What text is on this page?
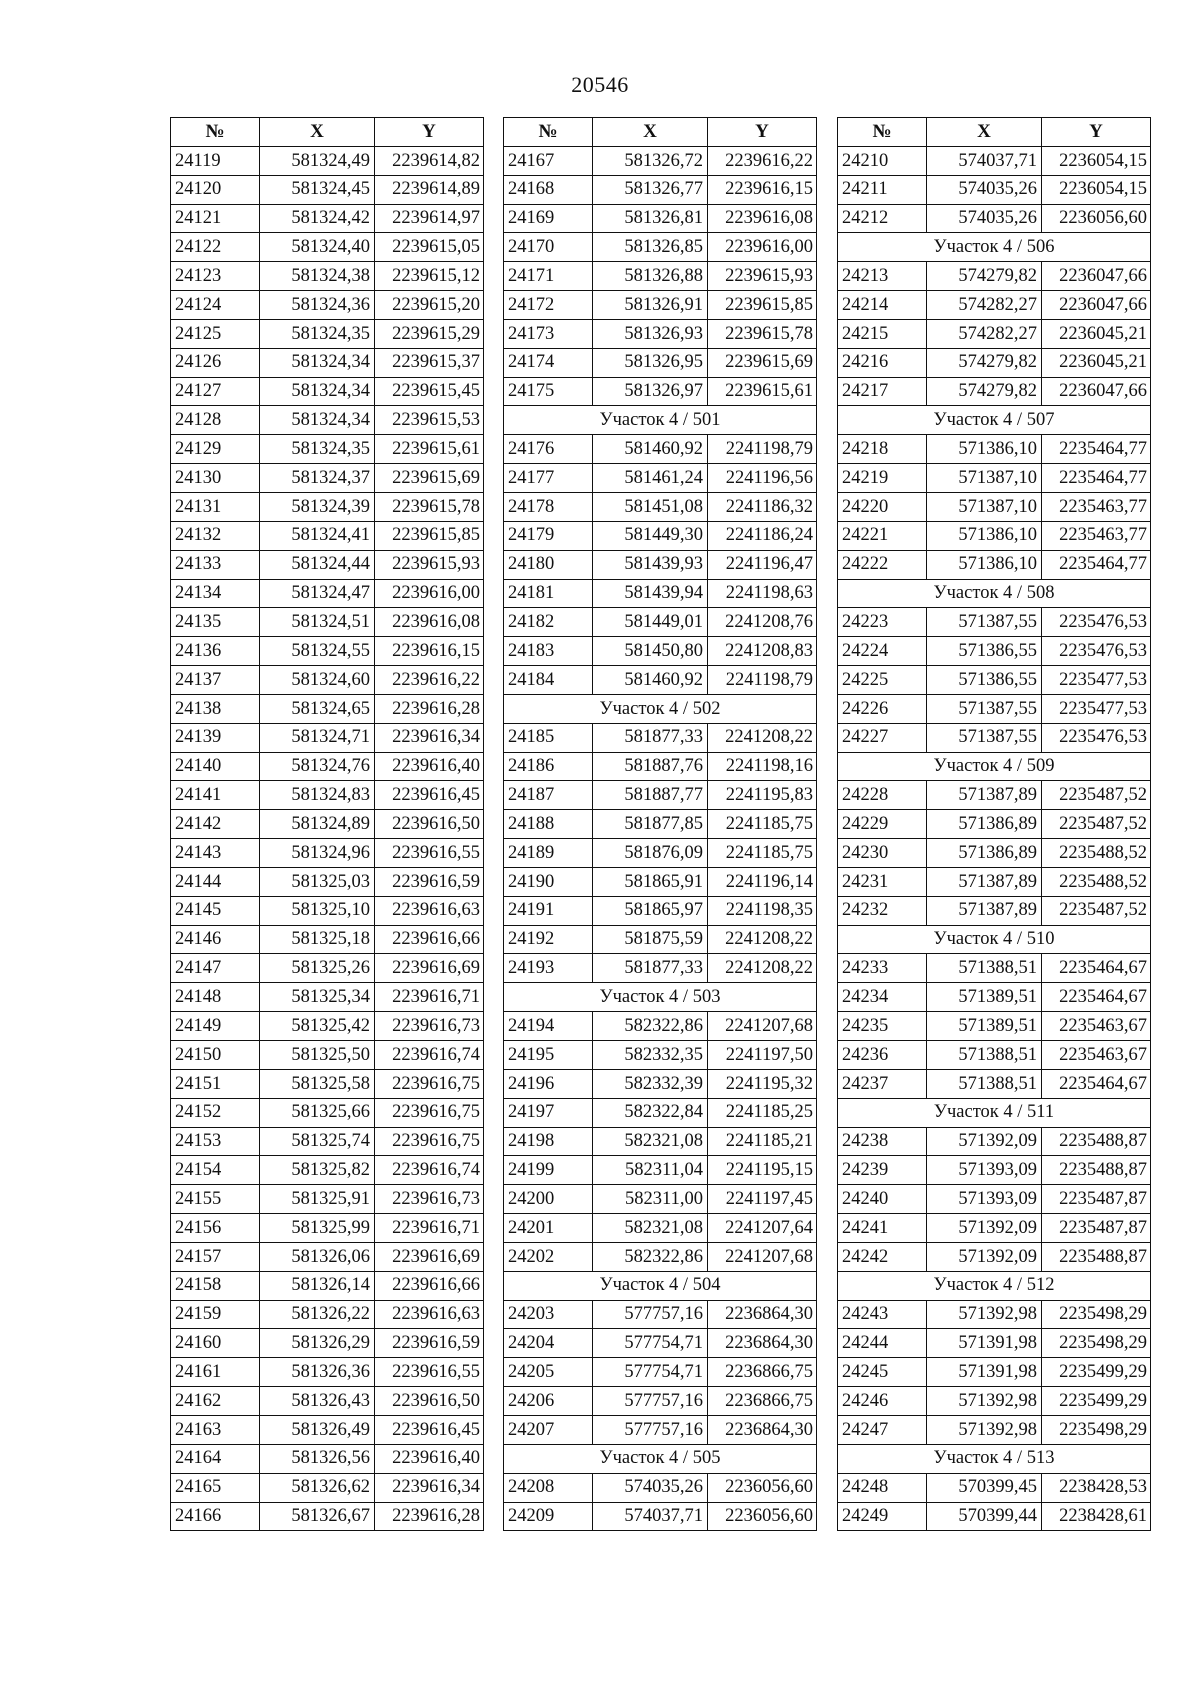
20546
№	X	Y
24119	581324,49	2239614,82
24120	581324,45	2239614,89
24121	581324,42	2239614,97
24122	581324,40	2239615,05
24123	581324,38	2239615,12
24124	581324,36	2239615,20
24125	581324,35	2239615,29
24126	581324,34	2239615,37
24127	581324,34	2239615,45
24128	581324,34	2239615,53
24129	581324,35	2239615,61
24130	581324,37	2239615,69
24131	581324,39	2239615,78
24132	581324,41	2239615,85
24133	581324,44	2239615,93
24134	581324,47	2239616,00
24135	581324,51	2239616,08
24136	581324,55	2239616,15
24137	581324,60	2239616,22
24138	581324,65	2239616,28
24139	581324,71	2239616,34
24140	581324,76	2239616,40
24141	581324,83	2239616,45
24142	581324,89	2239616,50
24143	581324,96	2239616,55
24144	581325,03	2239616,59
24145	581325,10	2239616,63
24146	581325,18	2239616,66
24147	581325,26	2239616,69
24148	581325,34	2239616,71
24149	581325,42	2239616,73
24150	581325,50	2239616,74
24151	581325,58	2239616,75
24152	581325,66	2239616,75
24153	581325,74	2239616,75
24154	581325,82	2239616,74
24155	581325,91	2239616,73
24156	581325,99	2239616,71
24157	581326,06	2239616,69
24158	581326,14	2239616,66
24159	581326,22	2239616,63
24160	581326,29	2239616,59
24161	581326,36	2239616,55
24162	581326,43	2239616,50
24163	581326,49	2239616,45
24164	581326,56	2239616,40
24165	581326,62	2239616,34
24166	581326,67	2239616,28
№	X	Y
24167	581326,72	2239616,22
24168	581326,77	2239616,15
24169	581326,81	2239616,08
24170	581326,85	2239616,00
24171	581326,88	2239615,93
24172	581326,91	2239615,85
24173	581326,93	2239615,78
24174	581326,95	2239615,69
24175	581326,97	2239615,61
Участок 4 / 501		
24176	581460,92	2241198,79
24177	581461,24	2241196,56
24178	581451,08	2241186,32
24179	581449,30	2241186,24
24180	581439,93	2241196,47
24181	581439,94	2241198,63
24182	581449,01	2241208,76
24183	581450,80	2241208,83
24184	581460,92	2241198,79
Участок 4 / 502		
24185	581877,33	2241208,22
24186	581887,76	2241198,16
24187	581887,77	2241195,83
24188	581877,85	2241185,75
24189	581876,09	2241185,75
24190	581865,91	2241196,14
24191	581865,97	2241198,35
24192	581875,59	2241208,22
24193	581877,33	2241208,22
Участок 4 / 503		
24194	582322,86	2241207,68
24195	582332,35	2241197,50
24196	582332,39	2241195,32
24197	582322,84	2241185,25
24198	582321,08	2241185,21
24199	582311,04	2241195,15
24200	582311,00	2241197,45
24201	582321,08	2241207,64
24202	582322,86	2241207,68
Участок 4 / 504		
24203	577757,16	2236864,30
24204	577754,71	2236864,30
24205	577754,71	2236866,75
24206	577757,16	2236866,75
24207	577757,16	2236864,30
Участок 4 / 505		
24208	574035,26	2236056,60
24209	574037,71	2236056,60
№	X	Y
24210	574037,71	2236054,15
24211	574035,26	2236054,15
24212	574035,26	2236056,60
Участок 4 / 506		
24213	574279,82	2236047,66
24214	574282,27	2236047,66
24215	574282,27	2236045,21
24216	574279,82	2236045,21
24217	574279,82	2236047,66
Участок 4 / 507		
24218	571386,10	2235464,77
24219	571387,10	2235464,77
24220	571387,10	2235463,77
24221	571386,10	2235463,77
24222	571386,10	2235464,77
Участок 4 / 508		
24223	571387,55	2235476,53
24224	571386,55	2235476,53
24225	571386,55	2235477,53
24226	571387,55	2235477,53
24227	571387,55	2235476,53
Участок 4 / 509		
24228	571387,89	2235487,52
24229	571386,89	2235487,52
24230	571386,89	2235488,52
24231	571387,89	2235488,52
24232	571387,89	2235487,52
Участок 4 / 510		
24233	571388,51	2235464,67
24234	571389,51	2235464,67
24235	571389,51	2235463,67
24236	571388,51	2235463,67
24237	571388,51	2235464,67
Участок 4 / 511		
24238	571392,09	2235488,87
24239	571393,09	2235488,87
24240	571393,09	2235487,87
24241	571392,09	2235487,87
24242	571392,09	2235488,87
Участок 4 / 512		
24243	571392,98	2235498,29
24244	571391,98	2235498,29
24245	571391,98	2235499,29
24246	571392,98	2235499,29
24247	571392,98	2235498,29
Участок 4 / 513		
24248	570399,45	2238428,53
24249	570399,44	2238428,61
